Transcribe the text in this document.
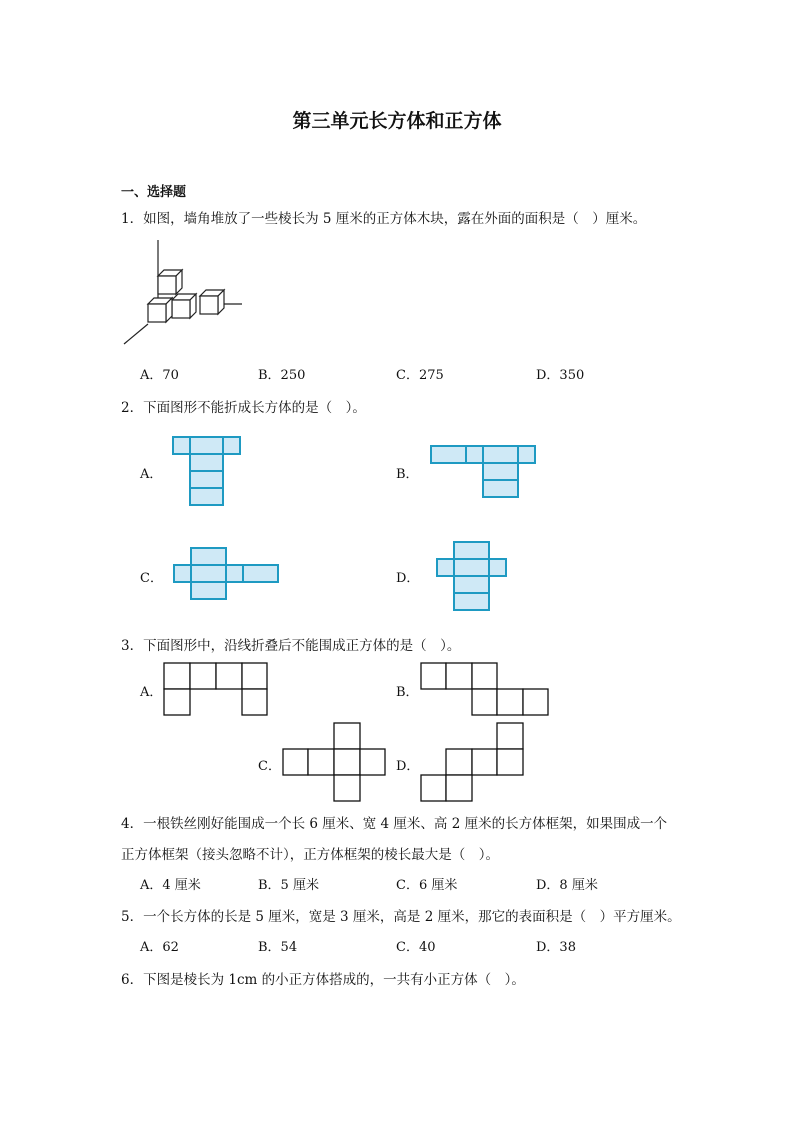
第三单元长方体和正方体
一、选择题
1．如图，墙角堆放了一些棱长为 5 厘米的正方体木块，露在外面的面积是（　）厘米。
A．70	B．250	C．275	D．350
2．下面图形不能折成长方体的是（　）。
A．	B．
C．	D．
3．下面图形中，沿线折叠后不能围成正方体的是（　）。
A．	B．
C．	D．
4．一根铁丝刚好能围成一个长 6 厘米、宽 4 厘米、高 2 厘米的长方体框架，如果围成一个
正方体框架（接头忽略不计），正方体框架的棱长最大是（　）。
A．4 厘米	B．5 厘米	C．6 厘米	D．8 厘米
5．一个长方体的长是 5 厘米，宽是 3 厘米，高是 2 厘米，那它的表面积是（　）平方厘米。
A．62	B．54	C．40	D．38
6．下图是棱长为 1cm 的小正方体搭成的，一共有小正方体（　）。
